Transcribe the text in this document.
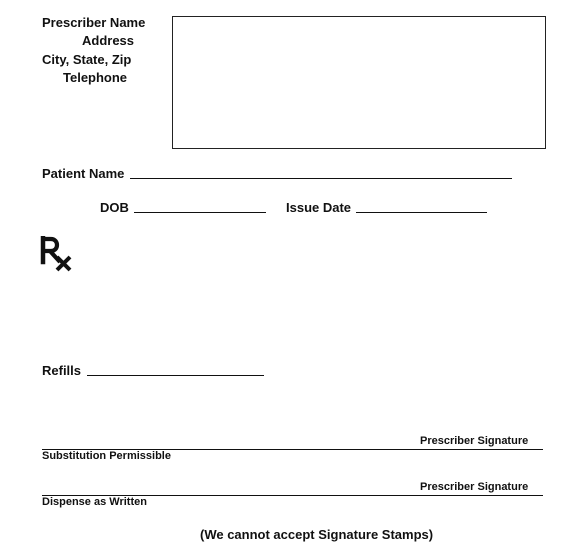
Prescriber Name
Address
City, State, Zip
Telephone
Patient Name
DOB	Issue Date
Refills
Prescriber Signature
Substitution Permissible
Prescriber Signature
Dispense as Written
(We cannot accept Signature Stamps)
